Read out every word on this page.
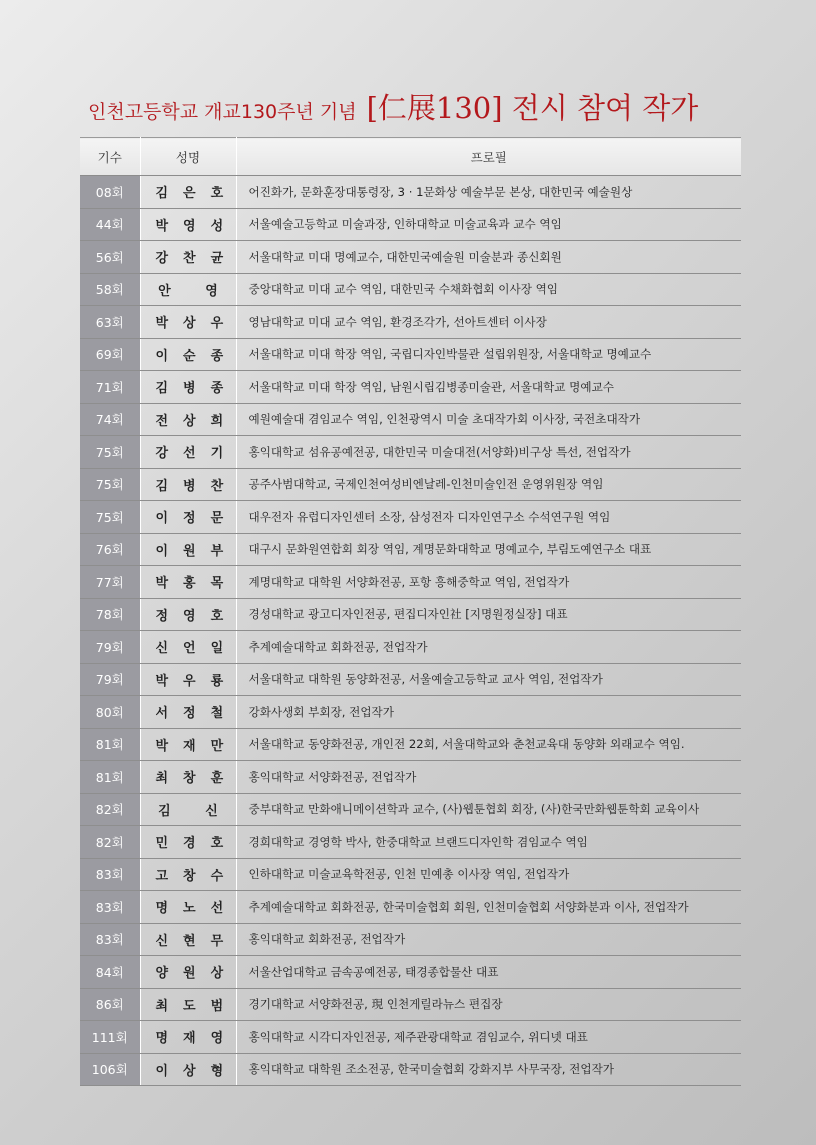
인천고등학교 개교130주년 기념 [仁展130] 전시 참여 작가
기수	성명	프로필
08회	김은호	어진화가, 문화훈장대통령장, 3 · 1문화상 예술부문 본상, 대한민국 예술원상
44회	박영성	서울예술고등학교 미술과장, 인하대학교 미술교육과 교수 역임
56회	강찬균	서울대학교 미대 명예교수, 대한민국예술원 미술분과 종신회원
58회	안 영	중앙대학교 미대 교수 역임, 대한민국 수채화협회 이사장 역임
63회	박상우	영남대학교 미대 교수 역임, 환경조각가, 선아트센터 이사장
69회	이순종	서울대학교 미대 학장 역임, 국립디자인박물관 설립위원장, 서울대학교 명예교수
71회	김병종	서울대학교 미대 학장 역임, 남원시립김병종미술관, 서울대학교 명예교수
74회	전상희	예원예술대 겸임교수 역임, 인천광역시 미술 초대작가회 이사장, 국전초대작가
75회	강선기	홍익대학교 섬유공예전공, 대한민국 미술대전(서양화)비구상 특선, 전업작가
75회	김병찬	공주사범대학교, 국제인천여성비엔날레-인천미술인전 운영위원장 역임
75회	이정문	대우전자 유럽디자인센터 소장, 삼성전자 디자인연구소 수석연구원 역임
76회	이원부	대구시 문화원연합회 회장 역임, 계명문화대학교 명예교수, 부림도예연구소 대표
77회	박홍목	계명대학교 대학원 서양화전공, 포항 흥해중학교 역임, 전업작가
78회	정영호	경성대학교 광고디자인전공, 편집디자인社 [지명원정실장] 대표
79회	신언일	추계예술대학교 회화전공, 전업작가
79회	박우룡	서울대학교 대학원 동양화전공, 서울예술고등학교 교사 역임, 전업작가
80회	서정철	강화사생회 부회장, 전업작가
81회	박재만	서울대학교 동양화전공, 개인전 22회, 서울대학교와 춘천교육대 동양화 외래교수 역임.
81회	최창훈	홍익대학교 서양화전공, 전업작가
82회	김 신	중부대학교 만화애니메이션학과 교수, (사)웹툰협회 회장, (사)한국만화웹툰학회 교육이사
82회	민경호	경희대학교 경영학 박사, 한중대학교 브랜드디자인학 겸임교수 역임
83회	고창수	인하대학교 미술교육학전공, 인천 민예총 이사장 역임, 전업작가
83회	명노선	추계예술대학교 회화전공, 한국미술협회 회원, 인천미술협회 서양화분과 이사, 전업작가
83회	신현무	홍익대학교 회화전공, 전업작가
84회	양원상	서울산업대학교 금속공예전공, 태경종합물산 대표
86회	최도범	경기대학교 서양화전공, 現 인천게릴라뉴스 편집장
111회	명재영	홍익대학교 시각디자인전공, 제주관광대학교 겸임교수, 위디넷 대표
106회	이상형	홍익대학교 대학원 조소전공, 한국미술협회 강화지부 사무국장, 전업작가
